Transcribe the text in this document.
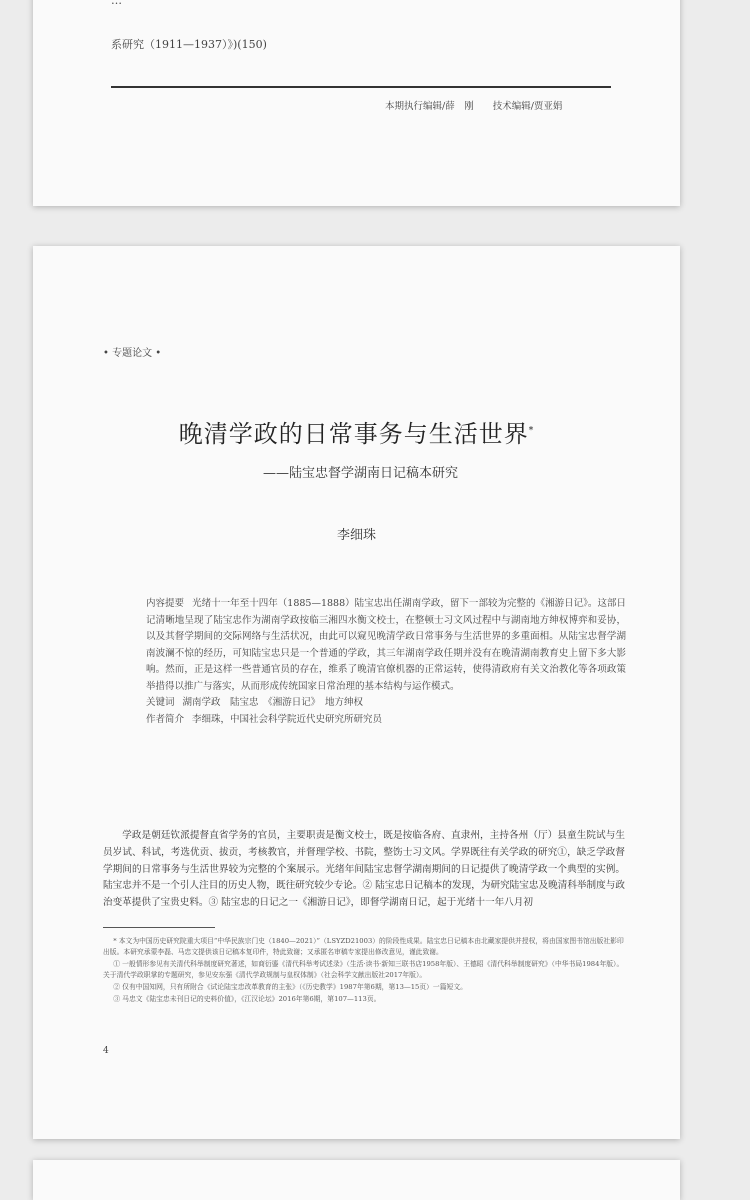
…
系研究（1911—1937）》)(150)
本期执行编辑/薛　刚　　技术编辑/贾亚娟
• 专题论文 •
晚清学政的日常事务与生活世界*
——陆宝忠督学湖南日记稿本研究
李细珠

内容提要 光绪十一年至十四年（1885—1888）陆宝忠出任湖南学政，留下一部较为完整的《湘游日记》。这部日记清晰地呈现了陆宝忠作为湖南学政按临三湘四水衡文校士，在整顿士习文风过程中与湖南地方绅权博弈和妥协，以及其督学期间的交际网络与生活状况，由此可以窥见晚清学政日常事务与生活世界的多重面相。从陆宝忠督学湖南波澜不惊的经历，可知陆宝忠只是一个普通的学政，其三年湖南学政任期并没有在晚清湖南教育史上留下多大影响。然而，正是这样一些普通官员的存在，维系了晚清官僚机器的正常运转，使得清政府有关文治教化等各项政策举措得以推广与落实，从而形成传统国家日常治理的基本结构与运作模式。

关键词 湖南学政　陆宝忠　《湘游日记》　地方绅权

作者简介 李细珠，中国社会科学院近代史研究所研究员

学政是朝廷钦派提督直省学务的官员，主要职责是衡文校士，既是按临各府、直隶州，主持各州（厅）县童生院试与生员岁试、科试，考选优贡、拔贡，考核教官，并督理学校、书院，整饬士习文风。学界既往有关学政的研究①，缺乏学政督学期间的日常事务与生活世界较为完整的个案展示。光绪年间陆宝忠督学湖南期间的日记提供了晚清学政一个典型的实例。陆宝忠并不是一个引人注目的历史人物，既往研究较少专论。② 陆宝忠日记稿本的发现，为研究陆宝忠及晚清科举制度与政治变革提供了宝贵史料。③ 陆宝忠的日记之一《湘游日记》，即督学湖南日记，起于光绪十一年八月初

* 本文为中国历史研究院重大项目“中华民族宗门史（1840—2021）”（LSYZD21003）的阶段性成果。陆宝忠日记稿本由北藏家提供并授权，将由国家图书馆出版社影印出版。本研究承蒙李磊、马忠文提供该日记稿本复印件，特此致谢；又承匿名审稿专家提出修改意见，谨此致谢。

① 一般情形参见有关清代科举制度研究著述，如商衍鎏《清代科举考试述录》（生活·读书·新知三联书店1958年版）、王德昭《清代科举制度研究》（中华书局1984年版）。关于清代学政职掌的专题研究，参见安东强《清代学政规制与皇权体制》（社会科学文献出版社2017年版）。

② 仅有中国知网，只有所附合《试论陆宝忠改革教育的主张》（《历史教学》1987年第6期，第13—15页）一篇短文。

③ 马忠文《陆宝忠未刊日记的史料价值》，《江汉论坛》2016年第6期，第107—113页。

4
